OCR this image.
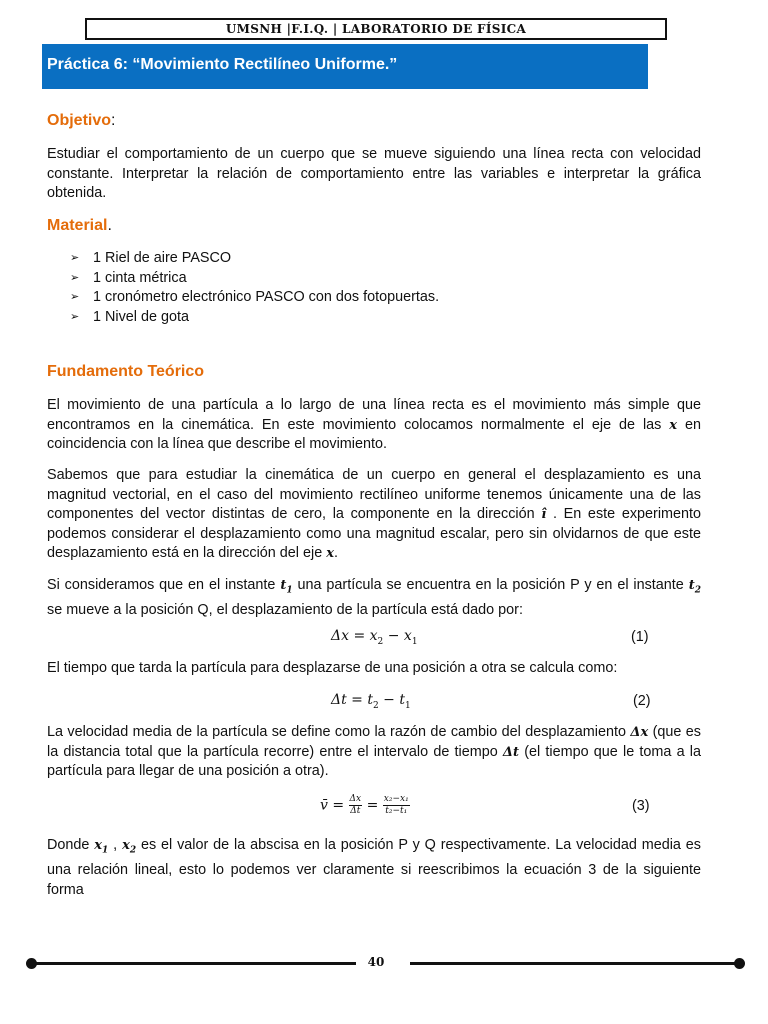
UMSNH |F.I.Q. | LABORATORIO DE FÍSICA
Práctica 6: “Movimiento Rectilíneo Uniforme.”
Objetivo:

Estudiar el comportamiento de un cuerpo que se mueve siguiendo una línea recta con velocidad constante. Interpretar la relación de comportamiento entre las variables e interpretar la gráfica obtenida.

Material.
➢ 1 Riel de aire PASCO
➢ 1 cinta métrica
➢ 1 cronómetro electrónico PASCO con dos fotopuertas.
➢ 1 Nivel de gota
Fundamento Teórico

El movimiento de una partícula a lo largo de una línea recta es el movimiento más simple que encontramos en la cinemática. En este movimiento colocamos normalmente el eje de las x en coincidencia con la línea que describe el movimiento.

Sabemos que para estudiar la cinemática de un cuerpo en general el desplazamiento es una magnitud vectorial, en el caso del movimiento rectilíneo uniforme tenemos únicamente una de las componentes del vector distintas de cero, la componente en la dirección î . En este experimento podemos considerar el desplazamiento como una magnitud escalar, pero sin olvidarnos de que este desplazamiento está en la dirección del eje x.

Si consideramos que en el instante $t_1$ una partícula se encuentra en la posición P y en el instante $t_2$ se mueve a la posición Q, el desplazamiento de la partícula está dado por:

$\Delta x = x_2 - x_1$	(1)

El tiempo que tarda la partícula para desplazarse de una posición a otra se calcula como:

$\Delta t = t_2 - t_1$	(2)

La velocidad media de la partícula se define como la razón de cambio del desplazamiento Δx (que es la distancia total que la partícula recorre) entre el intervalo de tiempo Δt (el tiempo que le toma a la partícula para llegar de una posición a otra).

v̄ = $\frac{\Delta x}{\Delta t} = \frac{\text{x₂−x₁}}{\text{t₂−t₁}}$	(3)

Donde $x_1$ , $x_2$ es el valor de la abscisa en la posición P y Q respectivamente. La velocidad media es una relación lineal, esto lo podemos ver claramente si reescribimos la ecuación 3 de la siguiente forma

40
